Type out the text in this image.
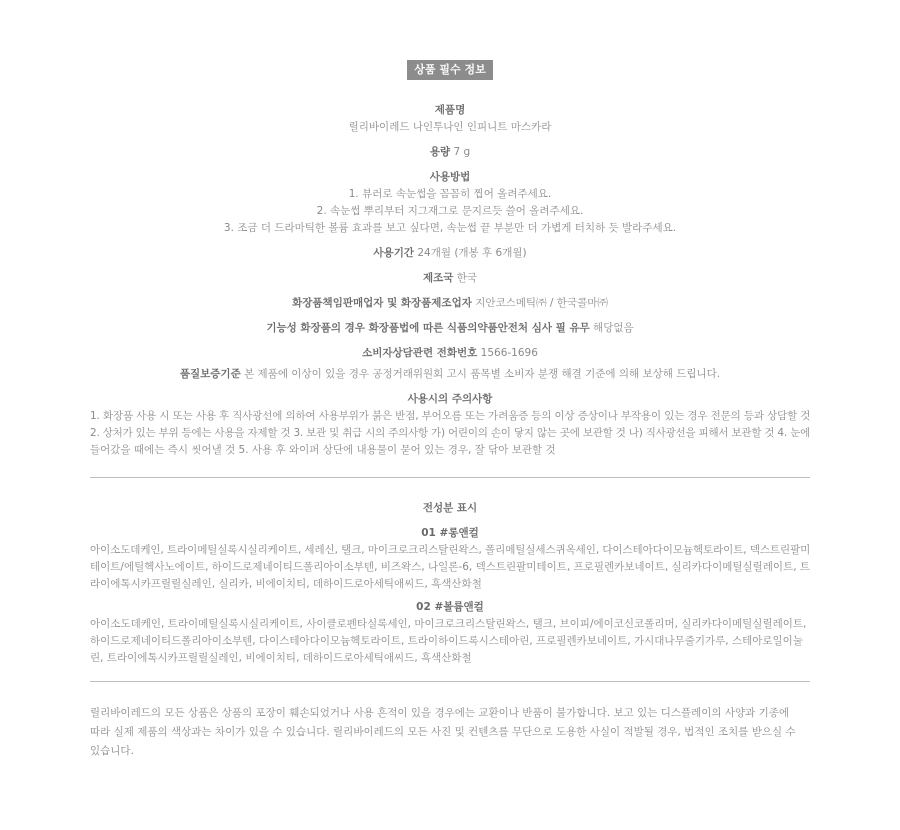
상품 필수 정보
제품명
릴리바이레드 나인투나인 인피니트 마스카라
용량 7 g
사용방법
1. 뷰러로 속눈썹을 꼼꼼히 찝어 올려주세요.
2. 속눈썹 뿌리부터 지그재그로 문지르듯 쓸어 올려주세요.
3. 조금 더 드라마틱한 볼륨 효과를 보고 싶다면, 속눈썹 끝 부분만 더 가볍게 터치하 듯 발라주세요.
사용기간 24개월 (개봉 후 6개월)
제조국 한국
화장품책임판매업자 및 화장품제조업자 지안코스메틱㈜ / 한국콜마㈜
기능성 화장품의 경우 화장품법에 따른 식품의약품안전처 심사 필 유무 해당없음
소비자상담관련 전화번호 1566-1696
품질보증기준 본 제품에 이상이 있을 경우 공정거래위원회 고시 품목별 소비자 분쟁 해결 기준에 의해 보상해 드립니다.
사용시의 주의사항
1. 화장품 사용 시 또는 사용 후 직사광선에 의하여 사용부위가 붉은 반점, 부어오름 또는 가려움증 등의 이상 증상이나 부작용이 있는 경우 전문의 등과 상담할 것
2. 상처가 있는 부위 등에는 사용을 자제할 것 3. 보관 및 취급 시의 주의사항 가) 어린이의 손이 닿지 않는 곳에 보관할 것 나) 직사광선을 피해서 보관할 것 4. 눈에
들어갔을 때에는 즉시 씻어낼 것 5. 사용 후 와이퍼 상단에 내용물이 묻어 있는 경우, 잘 닦아 보관할 것
전성분 표시
01 #롱앤컬
아이소도데케인, 트라이메틸실록시실리케이트, 세레신, 탤크, 마이크로크리스탈린왁스, 폴리메틸실세스퀴옥세인, 다이스테아다이모늄헥토라이트, 덱스트린팔미
테이트/에틸헥사노에이트, 하이드로제네이티드폴리아이소부텐, 비즈왁스, 나일론-6, 덱스트린팔미테이트, 프로필렌카보네이트, 실리카다이메틸실릴레이트, 트
라이에톡시카프릴릴실레인, 실리카, 비에이치티, 데하이드로아세틱애씨드, 흑색산화철
02 #볼륨앤컬
아이소도데케인, 트라이메틸실록시실리케이트, 사이클로펜타실록세인, 마이크로크리스탈린왁스, 탤크, 브이피/에이코신코폴리머, 실리카다이메틸실릴레이트,
하이드로제네이티드폴리아이소부텐, 다이스테아다이모늄헥토라이트, 트라이하이드록시스테아린, 프로필렌카보네이트, 가시대나무줄기가루, 스테아로일이눌
린, 트라이에톡시카프릴릴실레인, 비에이치티, 데하이드로아세틱애씨드, 흑색산화철
릴리바이레드의 모든 상품은 상품의 포장이 훼손되었거나 사용 흔적이 있을 경우에는 교환이나 반품이 불가합니다. 보고 있는 디스플레이의 사양과 기종에
따라 실제 제품의 색상과는 차이가 있을 수 있습니다. 릴리바이레드의 모든 사진 및 컨텐츠를 무단으로 도용한 사실이 적발될 경우, 법적인 조치를 받으실 수
있습니다.
